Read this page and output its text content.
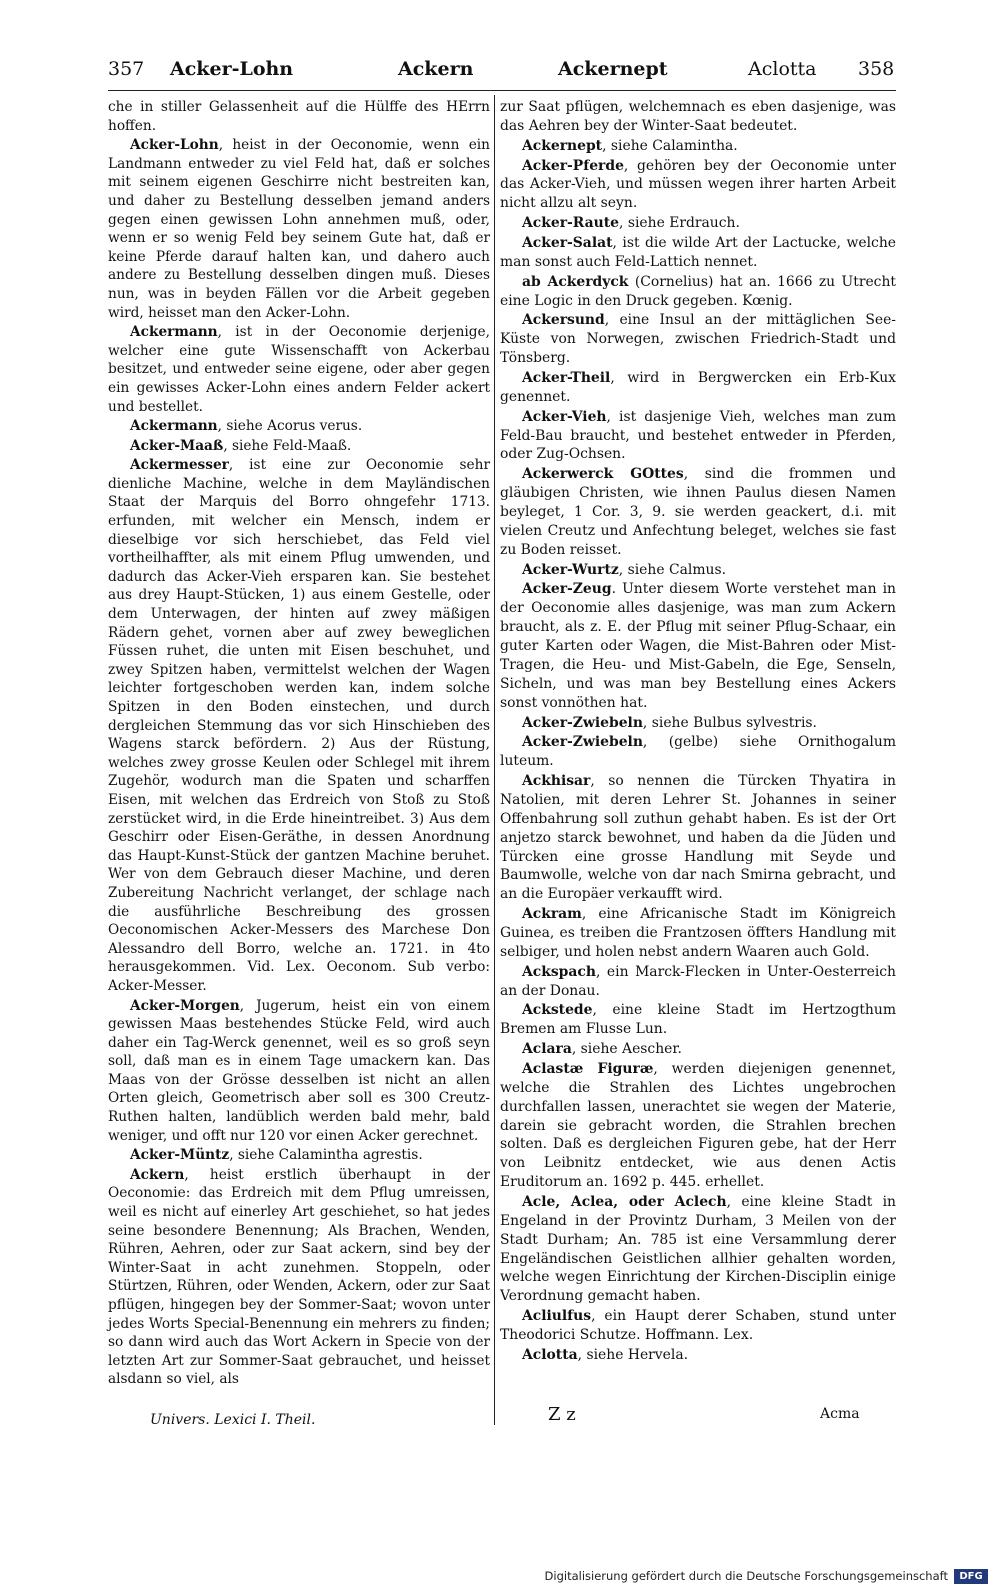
357 Acker-Lohn	Ackern	Ackernept	Aclotta 358

che in stiller Gelassenheit auf die Hülffe des HErrn hoffen.

Acker-Lohn, heist in der Oeconomie, wenn ein Landmann entweder zu viel Feld hat, daß er solches mit seinem eigenen Geschirre nicht bestreiten kan, und daher zu Bestellung desselben jemand anders gegen einen gewissen Lohn annehmen muß, oder, wenn er so wenig Feld bey seinem Gute hat, daß er keine Pferde darauf halten kan, und dahero auch andere zu Bestellung desselben dingen muß. Dieses nun, was in beyden Fällen vor die Arbeit gegeben wird, heisset man den Acker-Lohn.

Ackermann, ist in der Oeconomie derjenige, welcher eine gute Wissenschafft von Ackerbau besitzet, und entweder seine eigene, oder aber gegen ein gewisses Acker-Lohn eines andern Felder ackert und bestellet.

Ackermann, siehe Acorus verus.

Acker-Maaß, siehe Feld-Maaß.

Ackermesser, ist eine zur Oeconomie sehr dienliche Machine, welche in dem Mayländischen Staat der Marquis del Borro ohngefehr 1713. erfunden, mit welcher ein Mensch, indem er dieselbige vor sich herschiebet, das Feld viel vortheilhaffter, als mit einem Pflug umwenden, und dadurch das Acker-Vieh ersparen kan. Sie bestehet aus drey Haupt-Stücken, 1) aus einem Gestelle, oder dem Unterwagen, der hinten auf zwey mäßigen Rädern gehet, vornen aber auf zwey beweglichen Füssen ruhet, die unten mit Eisen beschuhet, und zwey Spitzen haben, vermittelst welchen der Wagen leichter fortgeschoben werden kan, indem solche Spitzen in den Boden einstechen, und durch dergleichen Stemmung das vor sich Hinschieben des Wagens starck befördern. 2) Aus der Rüstung, welches zwey grosse Keulen oder Schlegel mit ihrem Zugehör, wodurch man die Spaten und scharffen Eisen, mit welchen das Erdreich von Stoß zu Stoß zerstücket wird, in die Erde hineintreibet. 3) Aus dem Geschirr oder Eisen-Geräthe, in dessen Anordnung das Haupt-Kunst-Stück der gantzen Machine beruhet. Wer von dem Gebrauch dieser Machine, und deren Zubereitung Nachricht verlanget, der schlage nach die ausführliche Beschreibung des grossen Oeconomischen Acker-Messers des Marchese Don Alessandro dell Borro, welche an. 1721. in 4to herausgekommen. Vid. Lex. Oeconom. Sub verbo: Acker-Messer.

Acker-Morgen, Jugerum, heist ein von einem gewissen Maas bestehendes Stücke Feld, wird auch daher ein Tag-Werck genennet, weil es so groß seyn soll, daß man es in einem Tage umackern kan. Das Maas von der Grösse desselben ist nicht an allen Orten gleich, Geometrisch aber soll es 300 Creutz-Ruthen halten, landüblich werden bald mehr, bald weniger, und offt nur 120 vor einen Acker gerechnet.

Acker-Müntz, siehe Calamintha agrestis.

Ackern, heist erstlich überhaupt in der Oeconomie: das Erdreich mit dem Pflug umreissen, weil es nicht auf einerley Art geschiehet, so hat jedes seine besondere Benennung; Als Brachen, Wenden, Rühren, Aehren, oder zur Saat ackern, sind bey der Winter-Saat in acht zunehmen. Stoppeln, oder Stürtzen, Rühren, oder Wenden, Ackern, oder zur Saat pflügen, hingegen bey der Sommer-Saat; wovon unter jedes Worts Special-Benennung ein mehrers zu finden; so dann wird auch das Wort Ackern in Specie von der letzten Art zur Sommer-Saat gebrauchet, und heisset alsdann so viel, als

zur Saat pflügen, welchemnach es eben dasjenige, was das Aehren bey der Winter-Saat bedeutet.

Ackernept, siehe Calamintha.

Acker-Pferde, gehören bey der Oeconomie unter das Acker-Vieh, und müssen wegen ihrer harten Arbeit nicht allzu alt seyn.

Acker-Raute, siehe Erdrauch.

Acker-Salat, ist die wilde Art der Lactucke, welche man sonst auch Feld-Lattich nennet.

ab Ackerdyck (Cornelius) hat an. 1666 zu Utrecht eine Logic in den Druck gegeben. Kœnig.

Ackersund, eine Insul an der mittäglichen See-Küste von Norwegen, zwischen Friedrich-Stadt und Tönsberg.

Acker-Theil, wird in Bergwercken ein Erb-Kux genennet.

Acker-Vieh, ist dasjenige Vieh, welches man zum Feld-Bau braucht, und bestehet entweder in Pferden, oder Zug-Ochsen.

Ackerwerck GOttes, sind die frommen und gläubigen Christen, wie ihnen Paulus diesen Namen beyleget, 1 Cor. 3, 9. sie werden geackert, d.i. mit vielen Creutz und Anfechtung beleget, welches sie fast zu Boden reisset.

Acker-Wurtz, siehe Calmus.

Acker-Zeug. Unter diesem Worte verstehet man in der Oeconomie alles dasjenige, was man zum Ackern braucht, als z. E. der Pflug mit seiner Pflug-Schaar, ein guter Karten oder Wagen, die Mist-Bahren oder Mist-Tragen, die Heu- und Mist-Gabeln, die Ege, Senseln, Sicheln, und was man bey Bestellung eines Ackers sonst vonnöthen hat.

Acker-Zwiebeln, siehe Bulbus sylvestris.

Acker-Zwiebeln, (gelbe) siehe Ornithogalum luteum.

Ackhisar, so nennen die Türcken Thyatira in Natolien, mit deren Lehrer St. Johannes in seiner Offenbahrung soll zuthun gehabt haben. Es ist der Ort anjetzo starck bewohnet, und haben da die Jüden und Türcken eine grosse Handlung mit Seyde und Baumwolle, welche von dar nach Smirna gebracht, und an die Europäer verkaufft wird.

Ackram, eine Africanische Stadt im Königreich Guinea, es treiben die Frantzosen öffters Handlung mit selbiger, und holen nebst andern Waaren auch Gold.

Ackspach, ein Marck-Flecken in Unter-Oesterreich an der Donau.

Ackstede, eine kleine Stadt im Hertzogthum Bremen am Flusse Lun.

Aclara, siehe Aescher.

Aclastæ Figuræ, werden diejenigen genennet, welche die Strahlen des Lichtes ungebrochen durchfallen lassen, unerachtet sie wegen der Materie, darein sie gebracht worden, die Strahlen brechen solten. Daß es dergleichen Figuren gebe, hat der Herr von Leibnitz entdecket, wie aus denen Actis Eruditorum an. 1692 p. 445. erhellet.

Acle, Aclea, oder Aclech, eine kleine Stadt in Engeland in der Provintz Durham, 3 Meilen von der Stadt Durham; An. 785 ist eine Versammlung derer Engeländischen Geistlichen allhier gehalten worden, welche wegen Einrichtung der Kirchen-Disciplin einige Verordnung gemacht haben.

Acliulfus, ein Haupt derer Schaben, stund unter Theodorici Schutze. Hoffmann. Lex.

Aclotta, siehe Hervela.

Univers. Lexici I. Theil.	Z z	Acma
Digitalisierung gefördert durch die Deutsche Forschungsgemeinschaft	DFG
